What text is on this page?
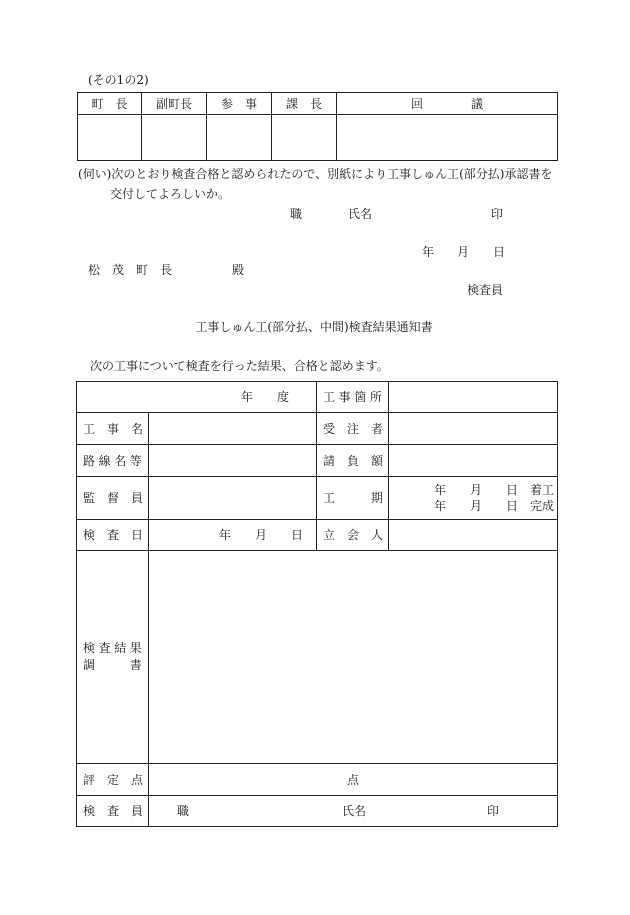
(その1の2)
町　長	副町長	参　事	課　長	回　　　　議

(伺い)次のとおり検査合格と認められたので、別紙により工事しゅん工(部分払)承認書を
交付してよろしいか。
職	氏名	印
年 月 日
松　茂　町　長	殿
検査員
工事しゅん工(部分払、中間)検査結果通知書
次の工事について検査を行った結果、合格と認めます。
年　　度		工事箇所	
工　事　名		受　注　者	
路線名等		請　負　額	
監　督　員		工　　　期	年　　月　　日　着工
年　　月　　日　完成

検　査　日	年　　月　　日	立　会　人	

検査結果
調　　書			

評　定　点	点		
検　査　員	職 氏名 印		
